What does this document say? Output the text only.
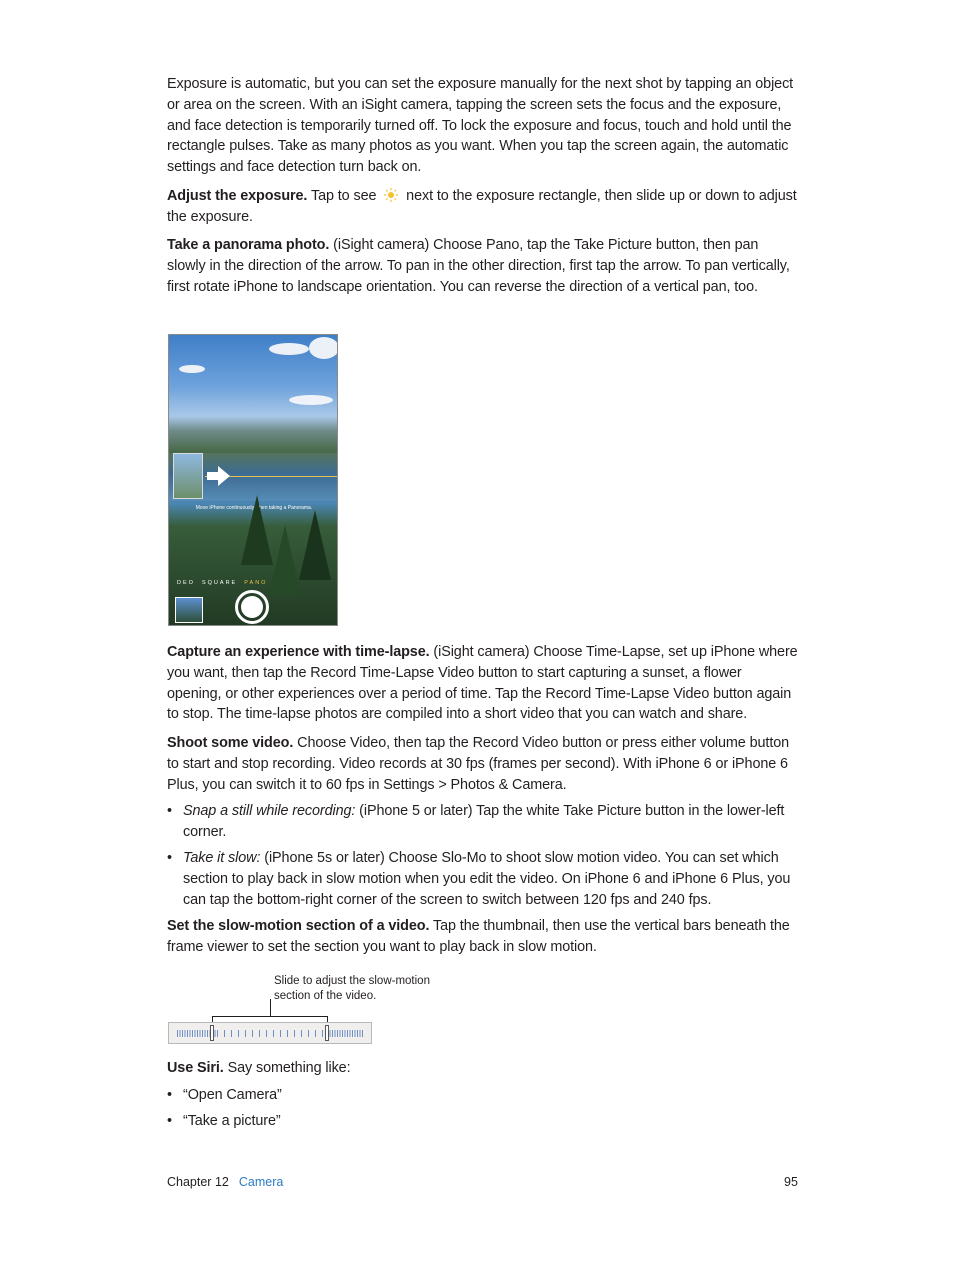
Exposure is automatic, but you can set the exposure manually for the next shot by tapping an object or area on the screen. With an iSight camera, tapping the screen sets the focus and the exposure, and face detection is temporarily turned off. To lock the exposure and focus, touch and hold until the rectangle pulses. Take as many photos as you want. When you tap the screen again, the automatic settings and face detection turn back on.

Adjust the exposure. Tap to see  next to the exposure rectangle, then slide up or down to adjust the exposure.

Take a panorama photo. (iSight camera) Choose Pano, tap the Take Picture button, then pan slowly in the direction of the arrow. To pan in the other direction, first tap the arrow. To pan vertically, first rotate iPhone to landscape orientation. You can reverse the direction of a vertical pan, too.

Move iPhone continuously when taking a Panorama.
DEO SQUARE PANO

Capture an experience with time-lapse. (iSight camera) Choose Time-Lapse, set up iPhone where you want, then tap the Record Time-Lapse Video button to start capturing a sunset, a flower opening, or other experiences over a period of time. Tap the Record Time-Lapse Video button again to stop. The time-lapse photos are compiled into a short video that you can watch and share.

Shoot some video. Choose Video, then tap the Record Video button or press either volume button to start and stop recording. Video records at 30 fps (frames per second). With iPhone 6 or iPhone 6 Plus, you can switch it to 60 fps in Settings > Photos & Camera.

• Snap a still while recording: (iPhone 5 or later) Tap the white Take Picture button in the lower-left corner.

• Take it slow: (iPhone 5s or later) Choose Slo-Mo to shoot slow motion video. You can set which section to play back in slow motion when you edit the video. On iPhone 6 and iPhone 6 Plus, you can tap the bottom-right corner of the screen to switch between 120 fps and 240 fps.

Set the slow-motion section of a video. Tap the thumbnail, then use the vertical bars beneath the frame viewer to set the section you want to play back in slow motion.

Slide to adjust the slow-motion
section of the video.

Use Siri. Say something like:

• “Open Camera”

• “Take a picture”

Chapter 12 Camera	95
